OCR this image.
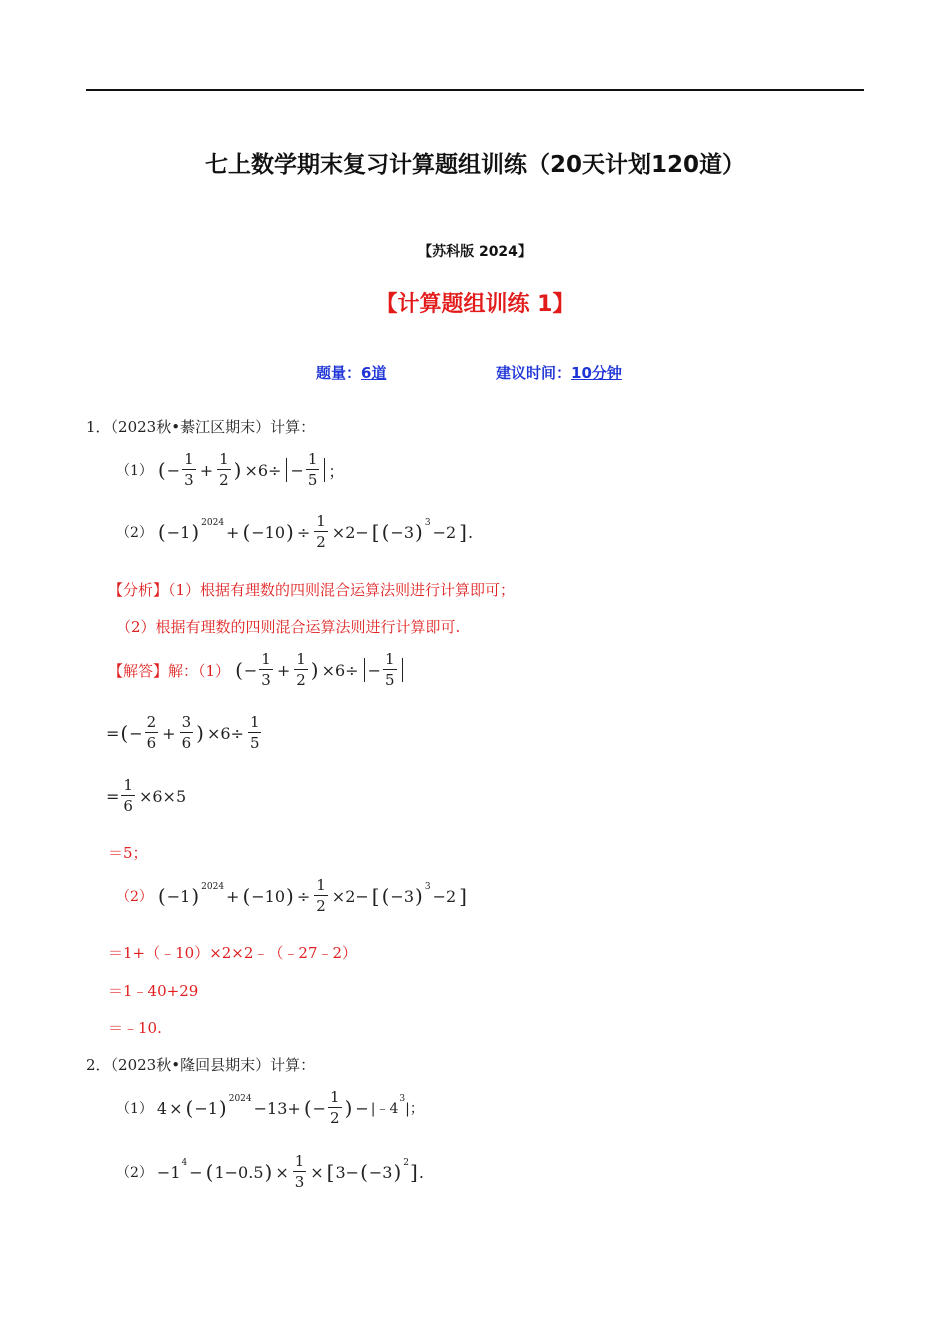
七上数学期末复习计算题组训练（20天计划120道）
【苏科版 2024】
【计算题组训练 1】
题量：6道	建议时间：10分钟
1．（2023秋•綦江区期末）计算：
（1） ( − $\frac{1}{3} + \frac{1}{2}$ ) $\times 6\div - \frac{1}{5}$ ；
（2） ( −1 ) 2024 + ( −10 ) ÷ $\frac{1}{2} \times 2-$ [ ( −3 ) 3 −2 ] .
【分析】（1）根据有理数的四则混合运算法则进行计算即可；
（2）根据有理数的四则混合运算法则进行计算即可.
【解答】 解：（1） ( − $\frac{1}{3} + \frac{1}{2}$ ) $\times 6\div - \frac{1}{5}$
= ( − $\frac{2}{6} + \frac{3}{6}$ ) $\times 6\div \frac{1}{5}$
= $\frac{1}{6} \times 6\times 5$
＝5；
（2） ( −1 ) 2024 + ( −10 ) ÷ $\frac{1}{2} \times 2-$ [ ( −3 ) 3 −2 ]
＝1+（﹣10）×2×2﹣（﹣27﹣2）
＝1﹣40+29
＝﹣10.
2．（2023秋•隆回县期末）计算：
（1） 4 × ( −1 ) 2024 −13+ ( − $\frac{1}{2}$ ) − |﹣4
3
|；
（2） −1 4 − ( 1−0.5 ) × $\frac{1}{3}$ × [ 3− ( −3 ) 2 ] .
